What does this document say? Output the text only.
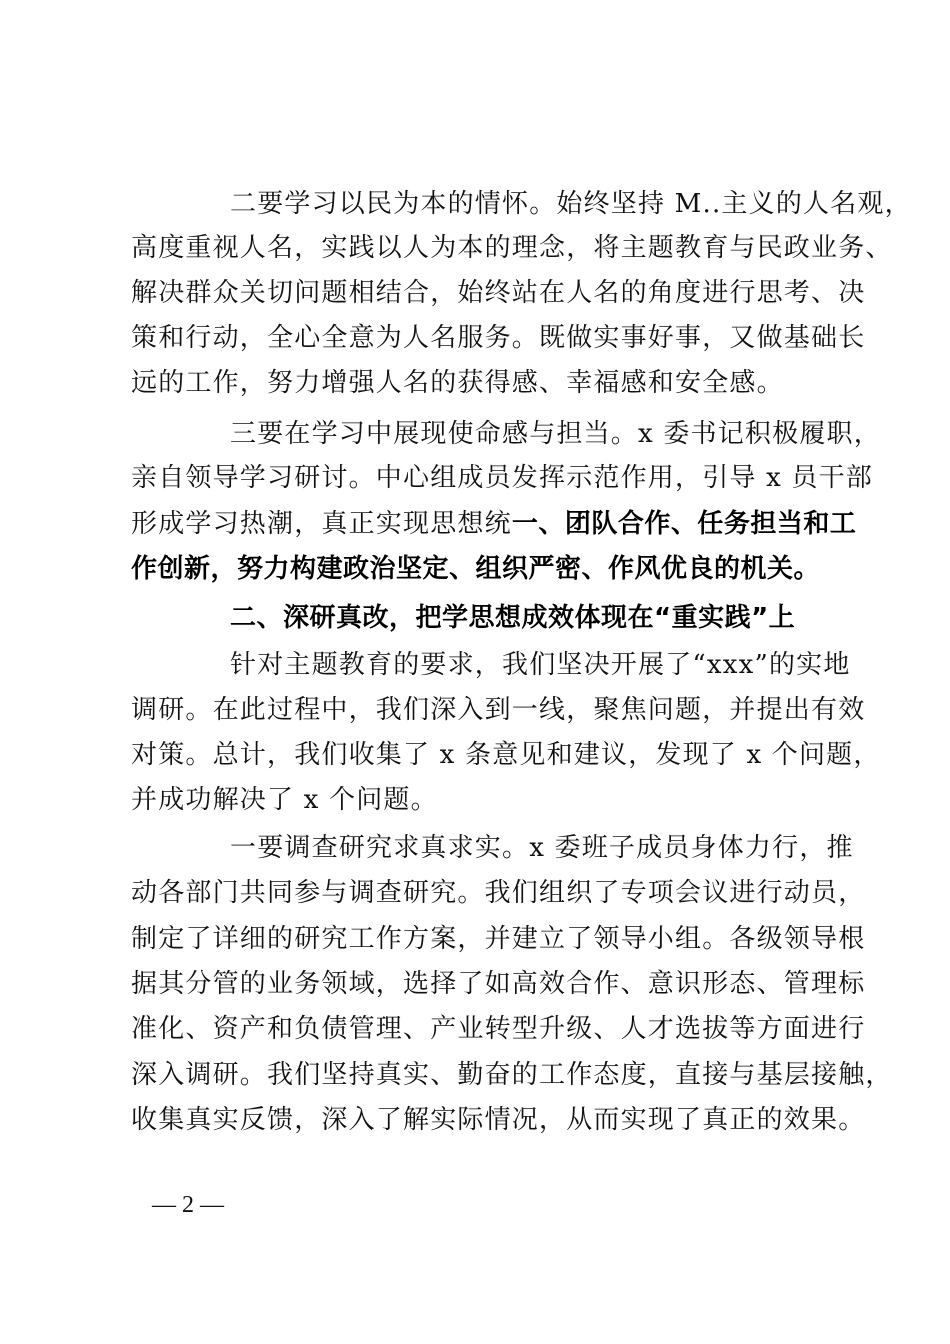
二要学习以民为本的情怀。始终坚持 M..主义的人名观，
高度重视人名，实践以人为本的理念，将主题教育与民政业务、
解决群众关切问题相结合，始终站在人名的角度进行思考、决
策和行动，全心全意为人名服务。既做实事好事，又做基础长
远的工作，努力增强人名的获得感、幸福感和安全感。
三要在学习中展现使命感与担当。x 委书记积极履职，
亲自领导学习研讨。中心组成员发挥示范作用，引导 x 员干部
形成学习热潮，真正实现思想统一、团队合作、任务担当和工
作创新，努力构建政治坚定、组织严密、作风优良的机关。
二、深研真改，把学思想成效体现在“重实践”上
针对主题教育的要求，我们坚决开展了“xxx”的实地
调研。在此过程中，我们深入到一线，聚焦问题，并提出有效
对策。总计，我们收集了 x 条意见和建议，发现了 x 个问题，
并成功解决了 x 个问题。
一要调查研究求真求实。x 委班子成员身体力行，推
动各部门共同参与调查研究。我们组织了专项会议进行动员，
制定了详细的研究工作方案，并建立了领导小组。各级领导根
据其分管的业务领域，选择了如高效合作、意识形态、管理标
准化、资产和负债管理、产业转型升级、人才选拔等方面进行
深入调研。我们坚持真实、勤奋的工作态度，直接与基层接触，
收集真实反馈，深入了解实际情况，从而实现了真正的效果。
— 2 —
